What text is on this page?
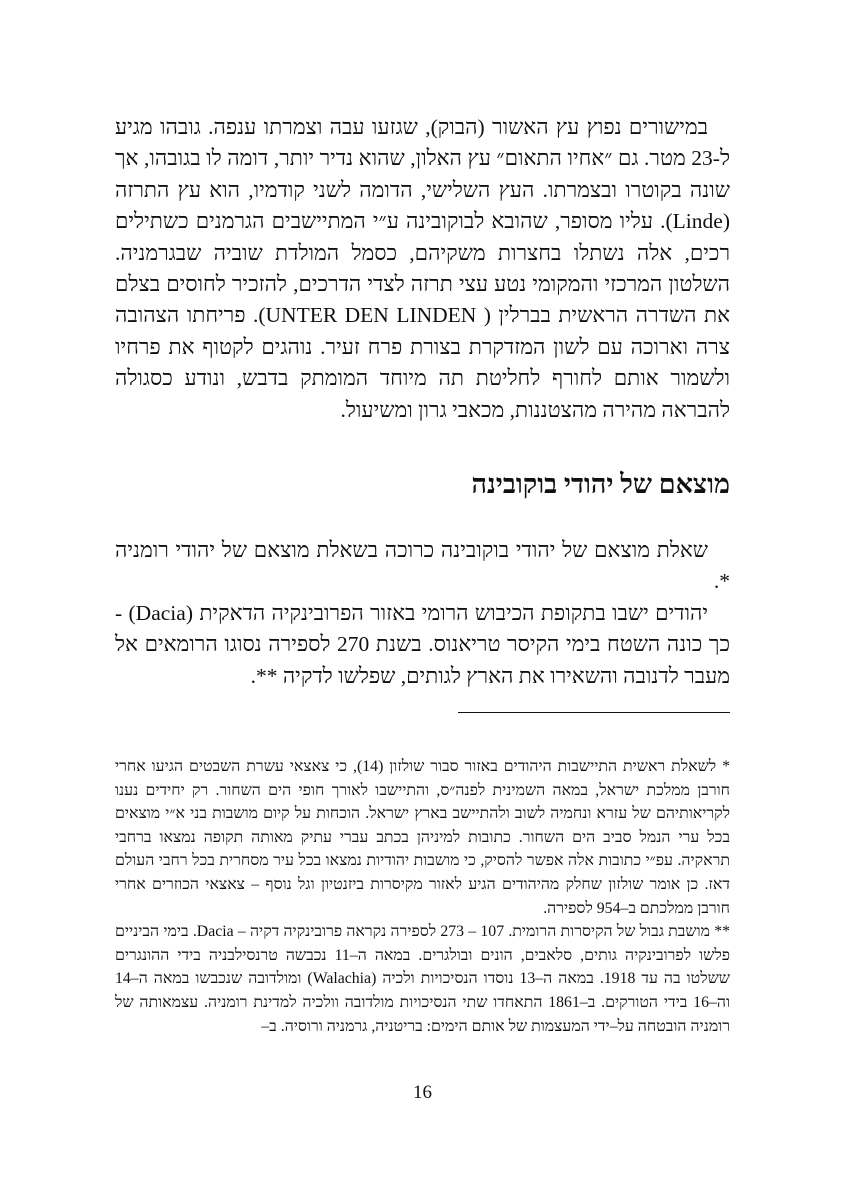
במישורים נפוץ עץ האשור (הבוק), שגזעו עבה וצמרתו ענפה. גובהו מגיע ל-23 מטר. גם ״אחיו התאום״ עץ האלון, שהוא נדיר יותר, דומה לו בגובהו, אך שונה בקוטרו ובצמרתו. העץ השלישי, הדומה לשני קודמיו, הוא עץ התרזה (Linde). עליו מסופר, שהובא לבוקובינה ע״י המתיישבים הגרמנים כשתילים רכים, אלה נשתלו בחצרות משקיהם, כסמל המולדת שוביה שבגרמניה. השלטון המרכזי והמקומי נטע עצי תרזה לצדי הדרכים, להזכיר לחוסים בצלם את השדרה הראשית בברלין ( UNTER DEN LINDEN). פריחתו הצהובה צרה וארוכה עם לשון המזדקרת בצורת פרח זעיר. נוהגים לקטוף את פרחיו ולשמור אותם לחורף לחליטת תה מיוחד המומתק בדבש, ונודע כסגולה להבראה מהירה מהצטננות, מכאבי גרון ומשיעול.

מוצאם של יהודי בוקובינה

שאלת מוצאם של יהודי בוקובינה כרוכה בשאלת מוצאם של יהודי רומניה *.

יהודים ישבו בתקופת הכיבוש הרומי באזור הפרובינקיה הדאקית (Dacia) - כך כונה השטח בימי הקיסר טריאנוס. בשנת 270 לספירה נסוגו הרומאים אל מעבר לדנובה והשאירו את הארץ לגותים, שפלשו לדקיה **.

* לשאלת ראשית התיישבות היהודים באזור סבור שולזון (14), כי צאצאי עשרת השבטים הגיעו אחרי חורבן ממלכת ישראל, במאה השמינית לפנה״ס, והתיישבו לאורך חופי הים השחור. רק יחידים נענו לקריאותיהם של עזרא ונחמיה לשוב ולהתיישב בארץ ישראל. הוכחות על קיום מושבות בני א״י מוצאים בכל ערי הנמל סביב הים השחור. כתובות למיניהן בכתב עברי עתיק מאותה תקופה נמצאו ברחבי תראקיה. עפ״י כתובות אלה אפשר להסיק, כי מושבות יהודיות נמצאו בכל עיר מסחרית בכל רחבי העולם דאז. כן אומר שולזון שחלק מהיהודים הגיע לאזור מקיסרות ביזנטיון וגל נוסף – צאצאי הכוזרים אחרי חורבן ממלכתם ב–954 לספירה.

** מושבת גבול של הקיסרות הרומית. 107 – 273 לספירה נקראה פרובינקיה דקיה – Dacia. בימי הביניים פלשו לפרובינקיה גותים, סלאבים, הונים ובולגרים. במאה ה–11 נכבשה טרנסילבניה בידי ההונגרים ששלטו בה עד 1918. במאה ה–13 נוסדו הנסיכויות ולכיה (Walachia) ומולדובה שנכבשו במאה ה–14 וה–16 בידי הטורקים. ב–1861 התאחדו שתי הנסיכויות מולדובה וולכיה למדינת רומניה. עצמאותה של רומניה הובטחה על–ידי המעצמות של אותם הימים: בריטניה, גרמניה ורוסיה. ב–

16
